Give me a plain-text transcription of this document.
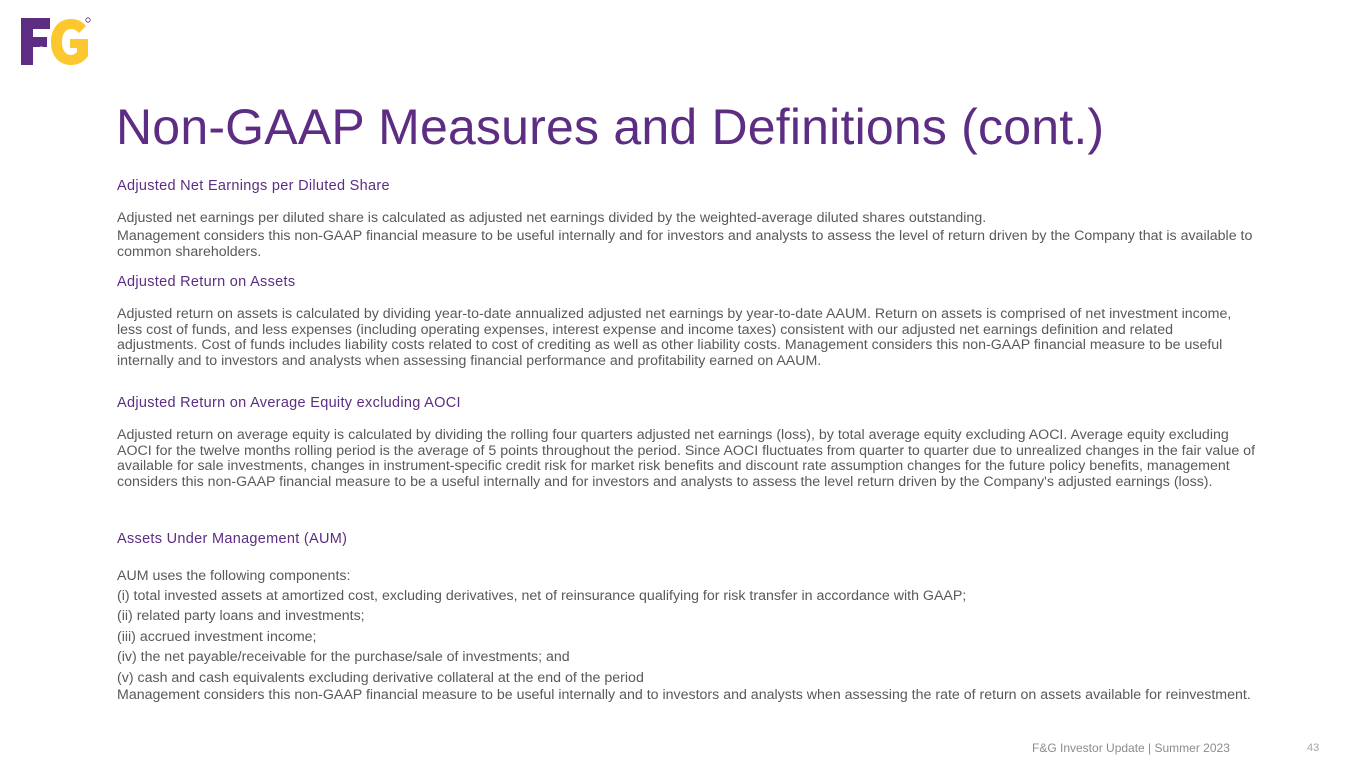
&
Non-GAAP Measures and Definitions (cont.)
Adjusted Net Earnings per Diluted Share

Adjusted net earnings per diluted share is calculated as adjusted net earnings divided by the weighted-average diluted shares outstanding.

Management considers this non-GAAP financial measure to be useful internally and for investors and analysts to assess the level of return driven by the Company that is available to common shareholders.

Adjusted Return on Assets

Adjusted return on assets is calculated by dividing year-to-date annualized adjusted net earnings by year-to-date AAUM. Return on assets is comprised of net investment income, less cost of funds, and less expenses (including operating expenses, interest expense and income taxes) consistent with our adjusted net earnings definition and related adjustments. Cost of funds includes liability costs related to cost of crediting as well as other liability costs. Management considers this non-GAAP financial measure to be useful internally and to investors and analysts when assessing financial performance and profitability earned on AAUM.

Adjusted Return on Average Equity excluding AOCI

Adjusted return on average equity is calculated by dividing the rolling four quarters adjusted net earnings (loss), by total average equity excluding AOCI. Average equity excluding AOCI for the twelve months rolling period is the average of 5 points throughout the period. Since AOCI fluctuates from quarter to quarter due to unrealized changes in the fair value of available for sale investments, changes in instrument-specific credit risk for market risk benefits and discount rate assumption changes for the future policy benefits, management considers this non-GAAP financial measure to be a useful internally and for investors and analysts to assess the level return driven by the Company's adjusted earnings (loss).

Assets Under Management (AUM)

AUM uses the following components:

(i) total invested assets at amortized cost, excluding derivatives, net of reinsurance qualifying for risk transfer in accordance with GAAP;

(ii) related party loans and investments;

(iii) accrued investment income;

(iv) the net payable/receivable for the purchase/sale of investments; and

(v) cash and cash equivalents excluding derivative collateral at the end of the period

Management considers this non-GAAP financial measure to be useful internally and to investors and analysts when assessing the rate of return on assets available for reinvestment.

F&G Investor Update | Summer 2023	43
